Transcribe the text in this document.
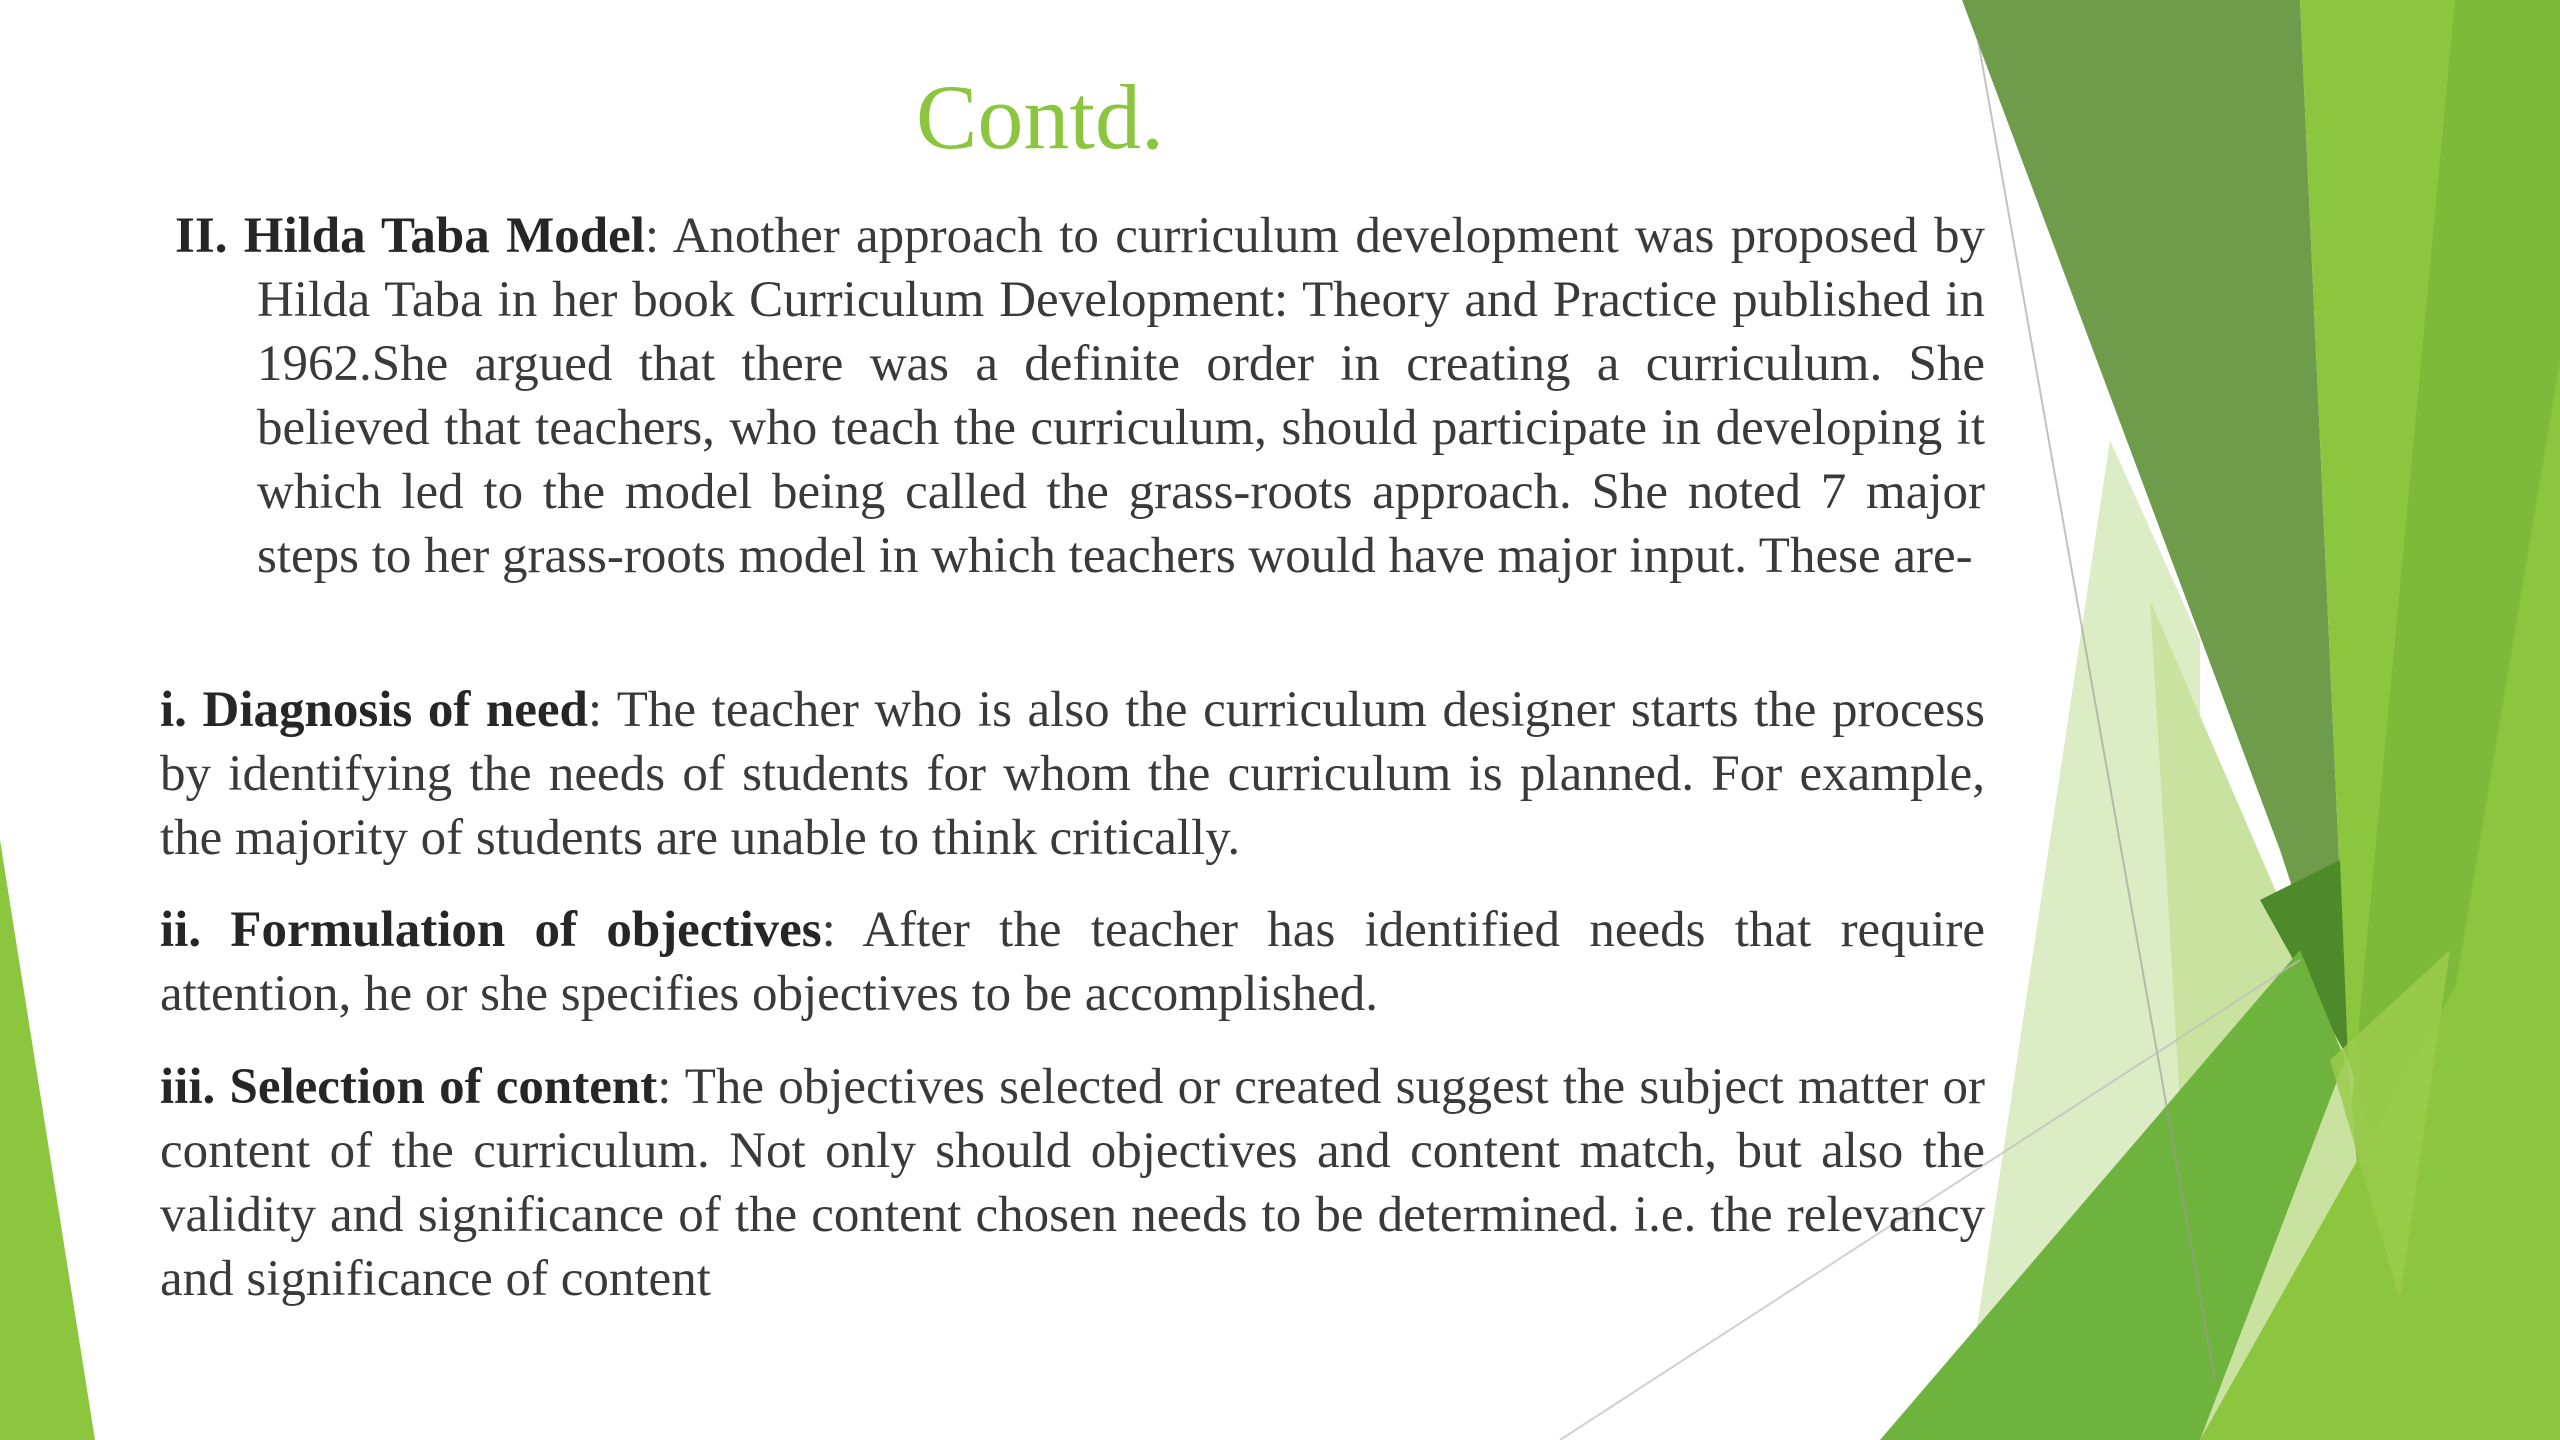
Contd.

II. Hilda Taba Model: Another approach to curriculum development was proposed by Hilda Taba in her book Curriculum Development: Theory and Practice published in 1962.She argued that there was a definite order in creating a curriculum. She believed that teachers, who teach the curriculum, should participate in developing it which led to the model being called the grass-roots approach. She noted 7 major steps to her grass-roots model in which teachers would have major input. These are-

i. Diagnosis of need: The teacher who is also the curriculum designer starts the process by identifying the needs of students for whom the curriculum is planned. For example, the majority of students are unable to think critically.

ii. Formulation of objectives: After the teacher has identified needs that require attention, he or she specifies objectives to be accomplished.

iii. Selection of content: The objectives selected or created suggest the subject matter or content of the curriculum. Not only should objectives and content match, but also the validity and significance of the content chosen needs to be determined. i.e. the relevancy and significance of content
